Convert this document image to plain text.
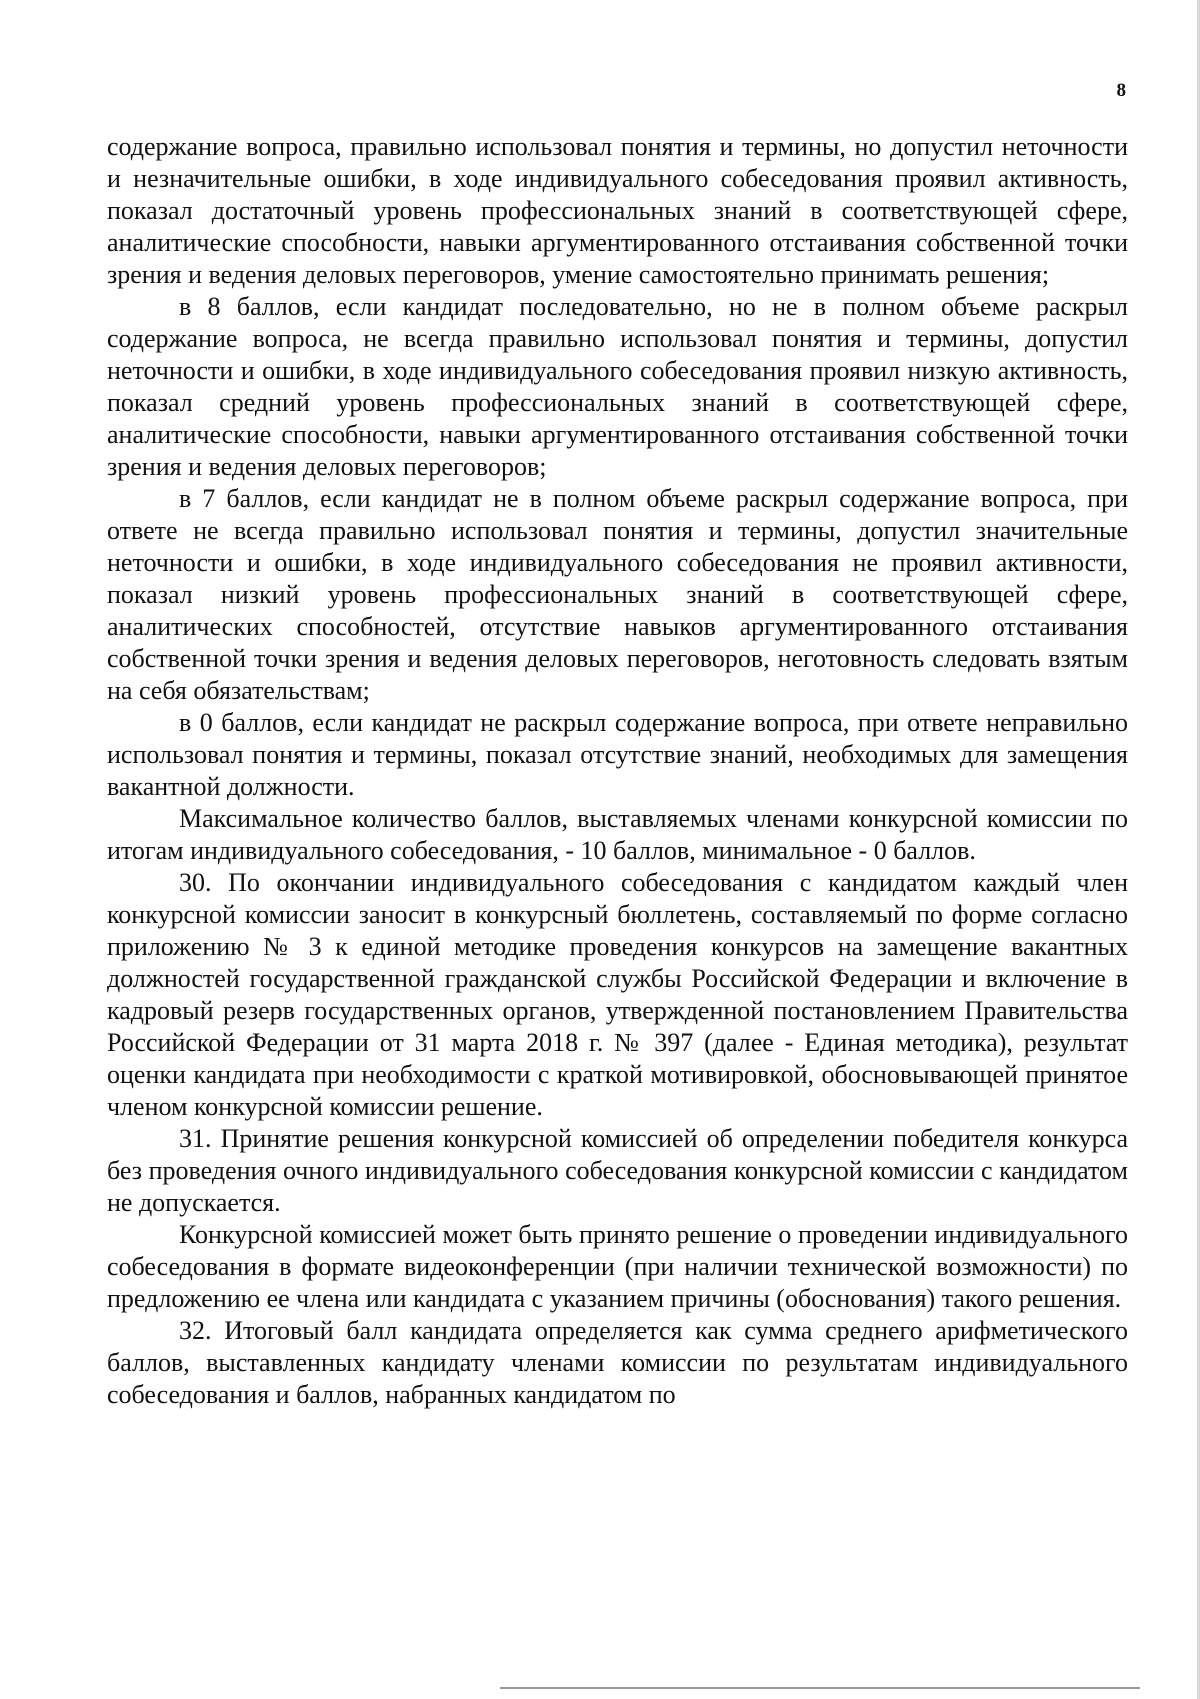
8

содержание вопроса, правильно использовал понятия и термины, но допустил неточности и незначительные ошибки, в ходе индивидуального собеседования проявил активность, показал достаточный уровень профессиональных знаний в соответствующей сфере, аналитические способности, навыки аргументированного отстаивания собственной точки зрения и ведения деловых переговоров, умение самостоятельно принимать решения;

в 8 баллов, если кандидат последовательно, но не в полном объеме раскрыл содержание вопроса, не всегда правильно использовал понятия и термины, допустил неточности и ошибки, в ходе индивидуального собеседования проявил низкую активность, показал средний уровень профессиональных знаний в соответствующей сфере, аналитические способности, навыки аргументированного отстаивания собственной точки зрения и ведения деловых переговоров;

в 7 баллов, если кандидат не в полном объеме раскрыл содержание вопроса, при ответе не всегда правильно использовал понятия и термины, допустил значительные неточности и ошибки, в ходе индивидуального собеседования не проявил активности, показал низкий уровень профессиональных знаний в соответствующей сфере, аналитических способностей, отсутствие навыков аргументированного отстаивания собственной точки зрения и ведения деловых переговоров, неготовность следовать взятым на себя обязательствам;

в 0 баллов, если кандидат не раскрыл содержание вопроса, при ответе неправильно использовал понятия и термины, показал отсутствие знаний, необходимых для замещения вакантной должности.

Максимальное количество баллов, выставляемых членами конкурсной комиссии по итогам индивидуального собеседования, - 10 баллов, минимальное - 0 баллов.

30. По окончании индивидуального собеседования с кандидатом каждый член конкурсной комиссии заносит в конкурсный бюллетень, составляемый по форме согласно приложению № 3 к единой методике проведения конкурсов на замещение вакантных должностей государственной гражданской службы Российской Федерации и включение в кадровый резерв государственных органов, утвержденной постановлением Правительства Российской Федерации от 31 марта 2018 г. № 397 (далее - Единая методика), результат оценки кандидата при необходимости с краткой мотивировкой, обосновывающей принятое членом конкурсной комиссии решение.

31. Принятие решения конкурсной комиссией об определении победителя конкурса без проведения очного индивидуального собеседования конкурсной комиссии с кандидатом не допускается.

Конкурсной комиссией может быть принято решение о проведении индивидуального собеседования в формате видеоконференции (при наличии технической возможности) по предложению ее члена или кандидата с указанием причины (обоснования) такого решения.

32. Итоговый балл кандидата определяется как сумма среднего арифметического баллов, выставленных кандидату членами комиссии по результатам индивидуального собеседования и баллов, набранных кандидатом по
